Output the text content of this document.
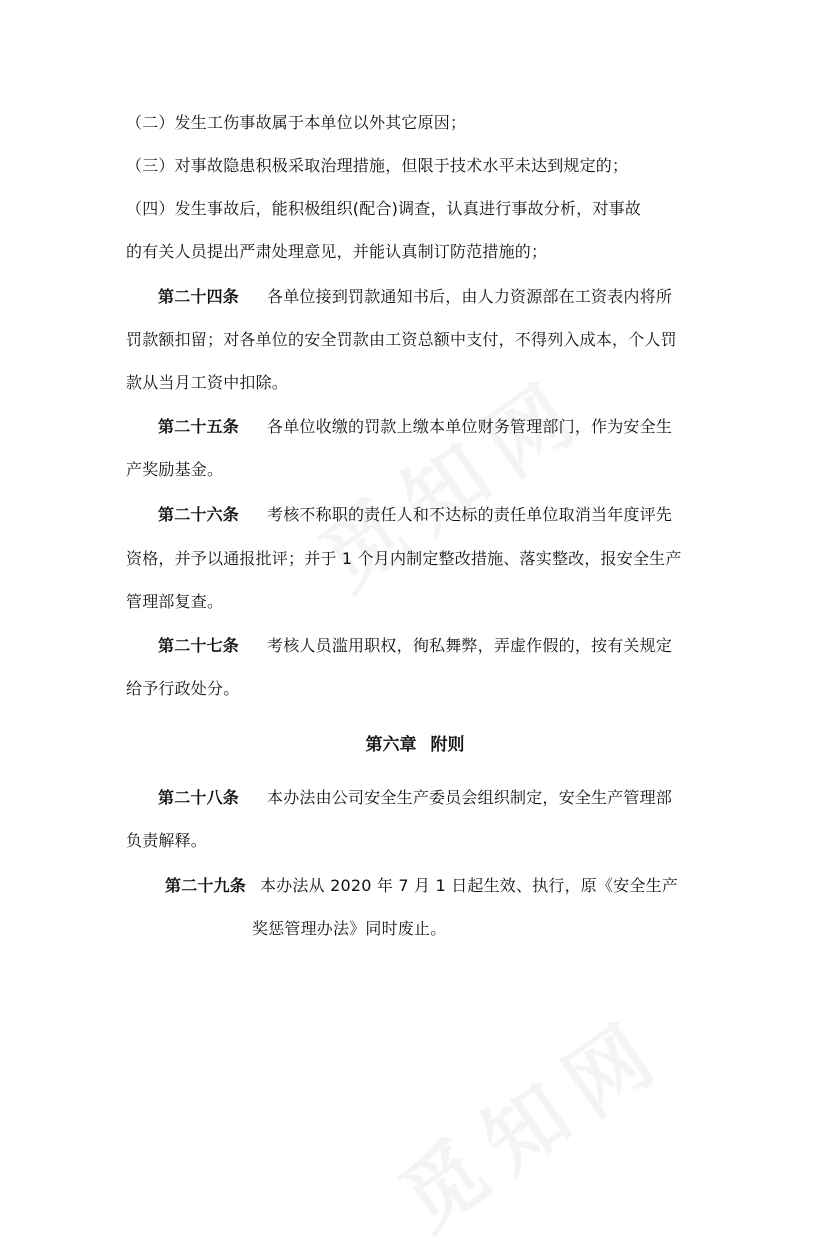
（二）发生工伤事故属于本单位以外其它原因；
（三）对事故隐患积极采取治理措施，但限于技术水平未达到规定的；
（四）发生事故后，能积极组织(配合)调查，认真进行事故分析，对事故
的有关人员提出严肃处理意见，并能认真制订防范措施的；
第二十四条 各单位接到罚款通知书后，由人力资源部在工资表内将所
罚款额扣留；对各单位的安全罚款由工资总额中支付，不得列入成本，个人罚
款从当月工资中扣除。
第二十五条 各单位收缴的罚款上缴本单位财务管理部门，作为安全生
产奖励基金。
第二十六条 考核不称职的责任人和不达标的责任单位取消当年度评先
资格，并予以通报批评；并于 1 个月内制定整改措施、落实整改，报安全生产
管理部复查。
第二十七条 考核人员滥用职权，徇私舞弊，弄虚作假的，按有关规定
给予行政处分。
第六章 附则
第二十八条 本办法由公司安全生产委员会组织制定，安全生产管理部
负责解释。
第二十九条 本办法从 2020 年 7 月 1 日起生效、执行，原《安全生产
奖惩管理办法》同时废止。
